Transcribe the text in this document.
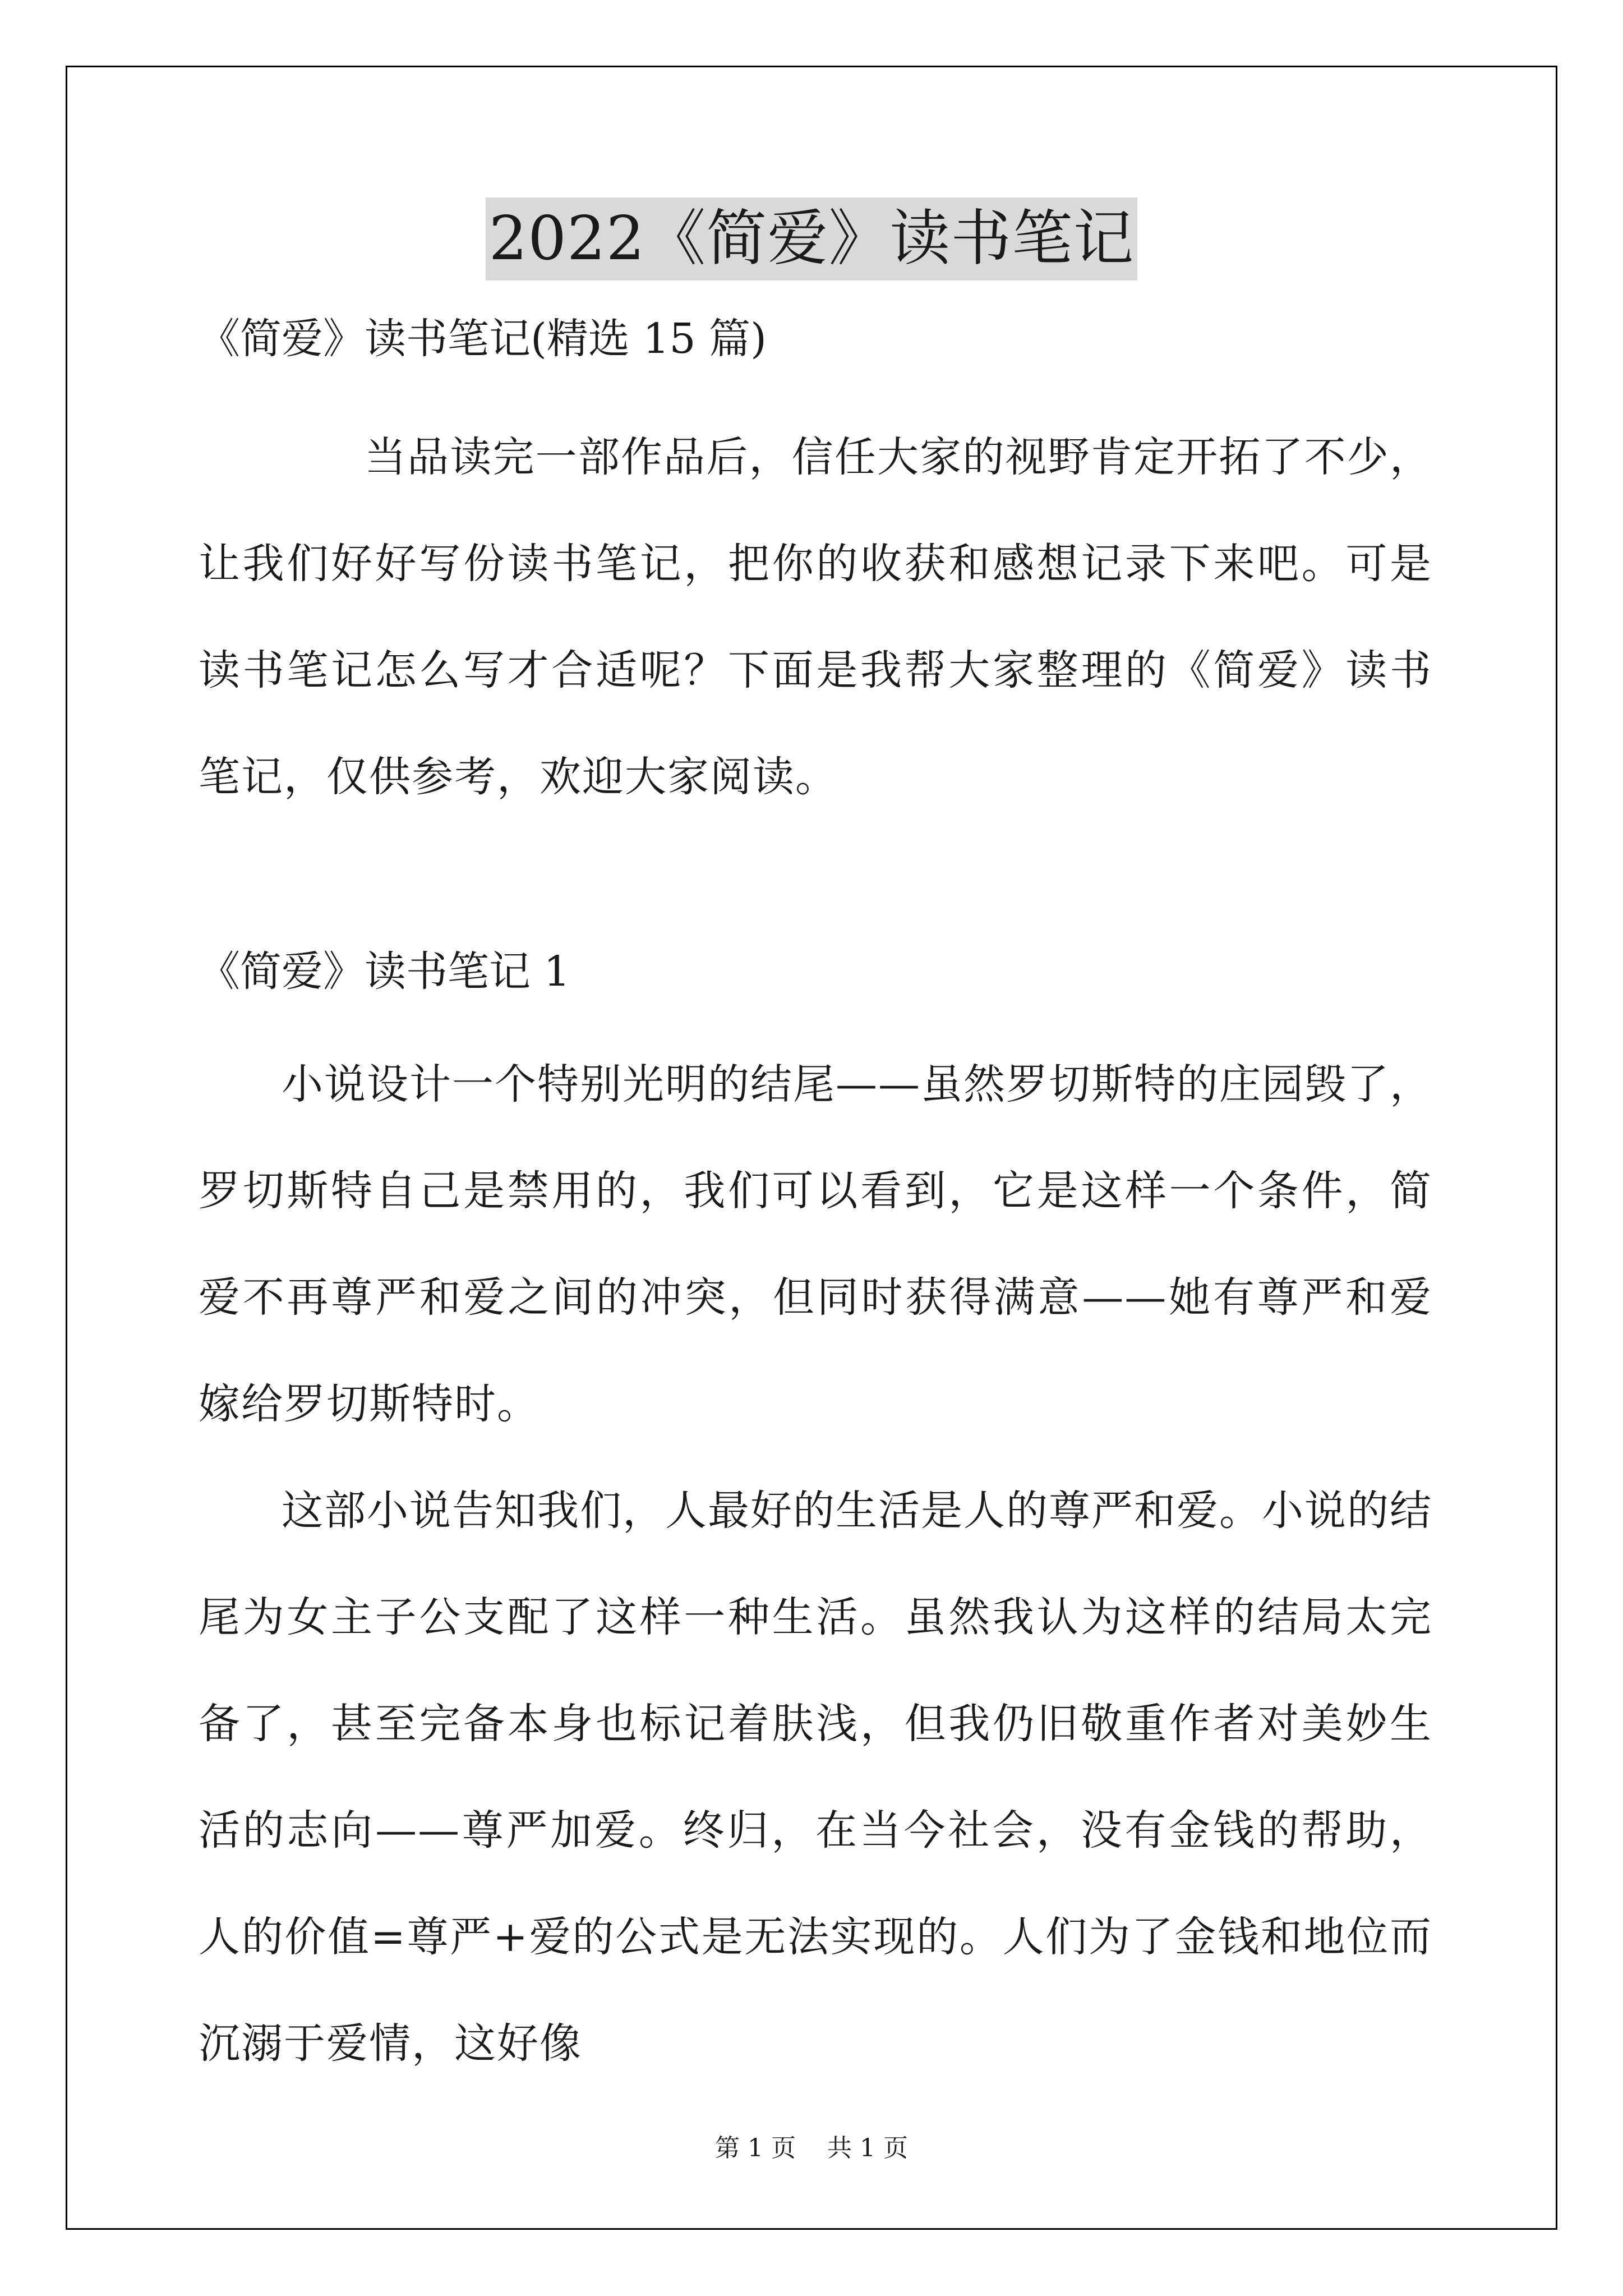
2022《简爱》读书笔记

《简爱》读书笔记(精选 15 篇)

当品读完一部作品后，信任大家的视野肯定开拓了不少，让我们好好写份读书笔记，把你的收获和感想记录下来吧。可是读书笔记怎么写才合适呢？下面是我帮大家整理的《简爱》读书笔记，仅供参考，欢迎大家阅读。

《简爱》读书笔记 1

小说设计一个特别光明的结尾——虽然罗切斯特的庄园毁了，罗切斯特自己是禁用的，我们可以看到，它是这样一个条件，简爱不再尊严和爱之间的冲突，但同时获得满意——她有尊严和爱嫁给罗切斯特时。

这部小说告知我们，人最好的生活是人的尊严和爱。小说的结尾为女主子公支配了这样一种生活。虽然我认为这样的结局太完备了，甚至完备本身也标记着肤浅，但我仍旧敬重作者对美妙生活的志向——尊严加爱。终归，在当今社会，没有金钱的帮助，人的价值=尊严+爱的公式是无法实现的。人们为了金钱和地位而沉溺于爱情，这好像

第 1 页 共 1 页
